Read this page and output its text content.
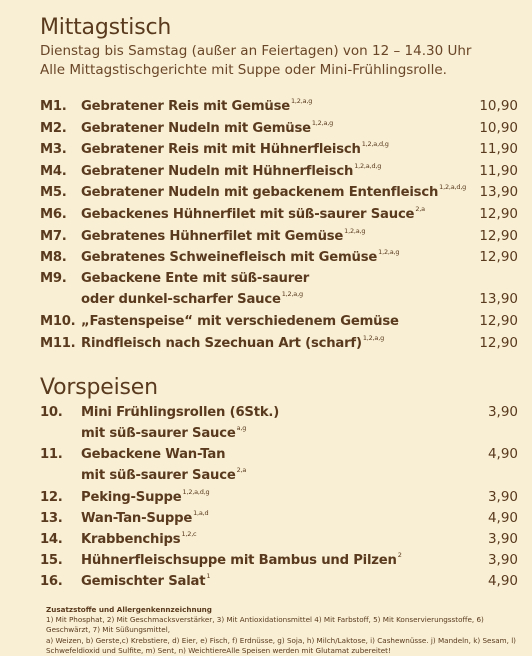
Mittagstisch
Dienstag bis Samstag (außer an Feiertagen) von 12 – 14.30 Uhr
Alle Mittagstischgerichte mit Suppe oder Mini-Frühlingsrolle.
M1.	Gebratener Reis mit Gemüse$^{1,2,a,g}$	10,90
M2.	Gebratener Nudeln mit Gemüse$^{1,2,a,g}$	10,90
M3.	Gebratener Reis mit mit Hühnerfleisch$^{1,2,a,d,g}$	11,90
M4.	Gebratener Nudeln mit Hühnerfleisch$^{1,2,a,d,g}$	11,90
M5.	Gebratener Nudeln mit gebackenem Entenfleisch$^{1,2,a,d,g}$ 13,90
M6.	Gebackenes Hühnerfilet mit süß-saurer Sauce$^{2,a}$	12,90
M7.	Gebratenes Hühnerfilet mit Gemüse$^{1,2,a,g}$	12,90
M8.	Gebratenes Schweinefleisch mit Gemüse$^{1,2,a,g}$	12,90
M9.	Gebackene Ente mit süß-saurer
oder dunkel-scharfer Sauce$^{1,2,a,g}$	13,90
M10. „Fastenspeise“ mit verschiedenem Gemüse	12,90
M11. Rindfleisch nach Szechuan Art (scharf)$^{1,2,a,g}$	12,90
Vorspeisen
10.	Mini Frühlingsrollen (6Stk.)	3,90
mit süß-saurer Sauce$^{a,g}$
11.	Gebackene Wan-Tan	4,90
mit süß-saurer Sauce$^{2,a}$
12.	Peking-Suppe$^{1,2,a,d,g}$	3,90
13.	Wan-Tan-Suppe$^{1,a,d}$	4,90
14.	Krabbenchips$^{1,2,c}$	3,90
15.	Hühnerfleischsuppe mit Bambus und Pilzen$^2$	3,90
16.	Gemischter Salat$^1$	4,90
Zusatzstoffe und Allergenkennzeichnung
1) Mit Phosphat, 2) Mit Geschmacksverstärker, 3) Mit Antioxidationsmittel 4) Mit Farbstoff, 5) Mit Konservierungsstoffe, 6) Geschwärzt, 7) Mit Süßungsmittel,
a) Weizen, b) Gerste,c) Krebstiere, d) Eier, e) Fisch, f) Erdnüsse, g) Soja, h) Milch/Laktose, i) Cashewnüsse. j) Mandeln, k) Sesam, l) Schwefeldioxid und Sulfite, m) Sent, n) WeichtiereAlle Speisen werden mit Glutamat zubereitet!
